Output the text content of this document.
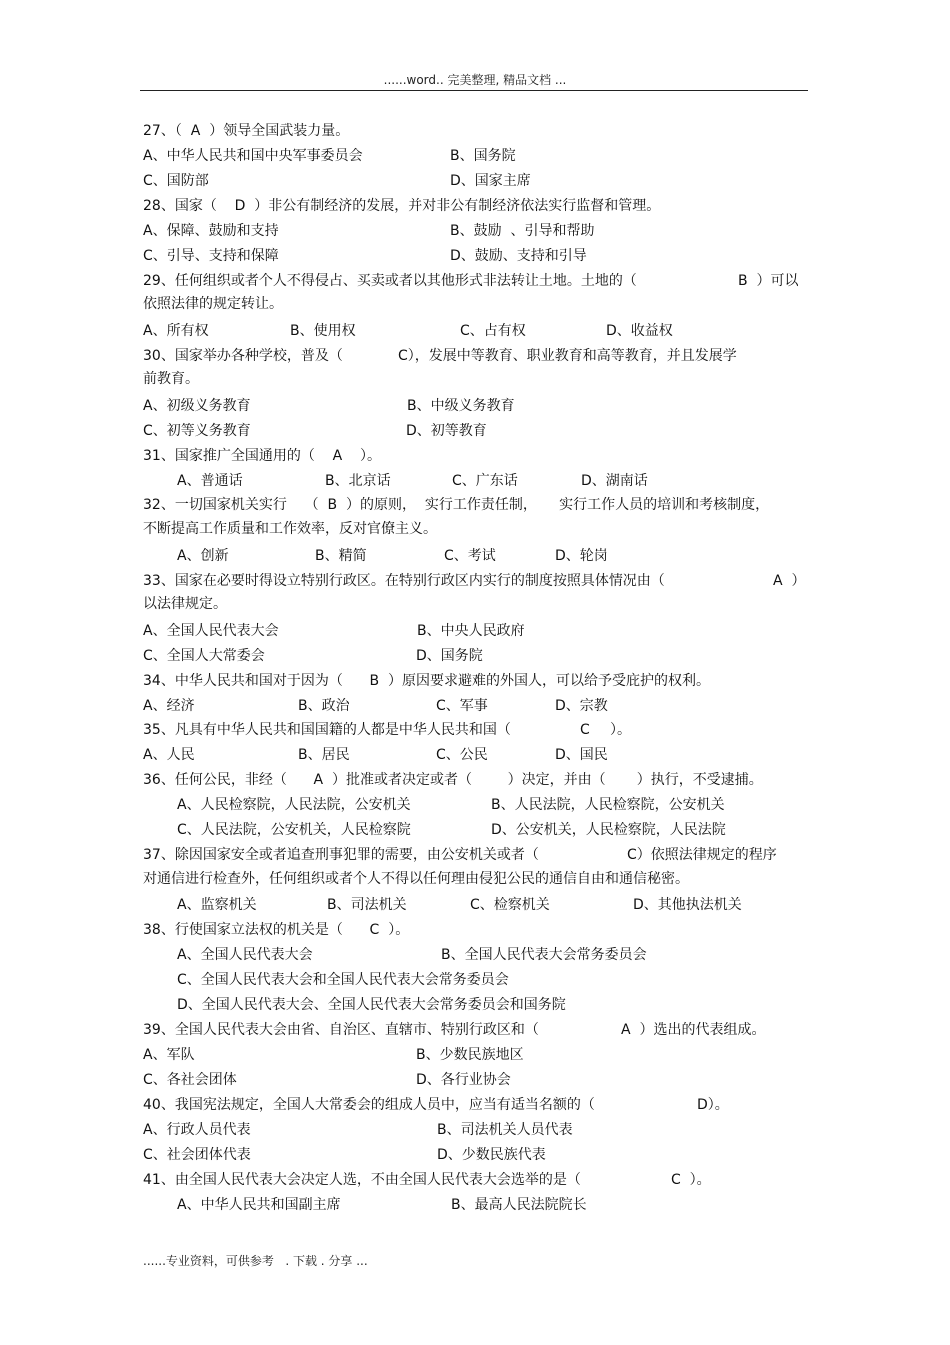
......word.. 完美整理, 精品文档 ...
27、（  A  ）领导全国武装力量。
A、中华人民共和国中央军事委员会	B、国务院
C、国防部	D、国家主席
28、国家（    D  ）非公有制经济的发展，并对非公有制经济依法实行监督和管理。
A、保障、鼓励和支持	B、鼓励  、引导和帮助
C、引导、支持和保障	D、鼓励、支持和引导
29、任何组织或者个人不得侵占、买卖或者以其他形式非法转让土地。土地的（	B  ）可以
依照法律的规定转让。
A、所有权	B、使用权	C、占有权	D、收益权
30、国家举办各种学校，普及（	C），发展中等教育、职业教育和高等教育，并且发展学
前教育。
A、初级义务教育	B、中级义务教育
C、初等义务教育	D、初等教育
31、国家推广全国通用的（    A    ）。
A、普通话	B、北京话	C、广东话	D、湖南话
32、一切国家机关实行    （  B  ）的原则，  实行工作责任制，     实行工作人员的培训和考核制度，
不断提高工作质量和工作效率，反对官僚主义。
A、创新	B、精简	C、考试	D、轮岗
33、国家在必要时得设立特别行政区。在特别行政区内实行的制度按照具体情况由（	A  ）
以法律规定。
A、全国人民代表大会	B、中央人民政府
C、全国人大常委会	D、国务院
34、中华人民共和国对于因为（      B  ）原因要求避难的外国人，可以给予受庇护的权利。
A、经济	B、政治	C、军事	D、宗教
35、凡具有中华人民共和国国籍的人都是中华人民共和国（	C ）。
A、人民	B、居民	C、公民	D、国民
36、任何公民，非经（      A  ）批准或者决定或者（        ）决定，并由（       ）执行，不受逮捕。
A、人民检察院，人民法院，公安机关	B、人民法院，人民检察院，公安机关
C、人民法院，公安机关，人民检察院	D、公安机关，人民检察院，人民法院
37、除因国家安全或者追查刑事犯罪的需要，由公安机关或者（	C）依照法律规定的程序
对通信进行检查外，任何组织或者个人不得以任何理由侵犯公民的通信自由和通信秘密。
A、监察机关	B、司法机关	C、检察机关	D、其他执法机关
38、行使国家立法权的机关是（      C  ）。
A、全国人民代表大会	B、全国人民代表大会常务委员会
C、全国人民代表大会和全国人民代表大会常务委员会
D、全国人民代表大会、全国人民代表大会常务委员会和国务院
39、全国人民代表大会由省、自治区、直辖市、特别行政区和（	A  ）选出的代表组成。
A、军队	B、少数民族地区
C、各社会团体	D、各行业协会
40、我国宪法规定，全国人大常委会的组成人员中，应当有适当名额的（	D）。
A、行政人员代表	B、司法机关人员代表
C、社会团体代表	D、少数民族代表
41、由全国人民代表大会决定人选，不由全国人民代表大会选举的是（	C  ）。
A、中华人民共和国副主席	B、最高人民法院院长
......专业资料，可供参考   . 下载 . 分享 ...
